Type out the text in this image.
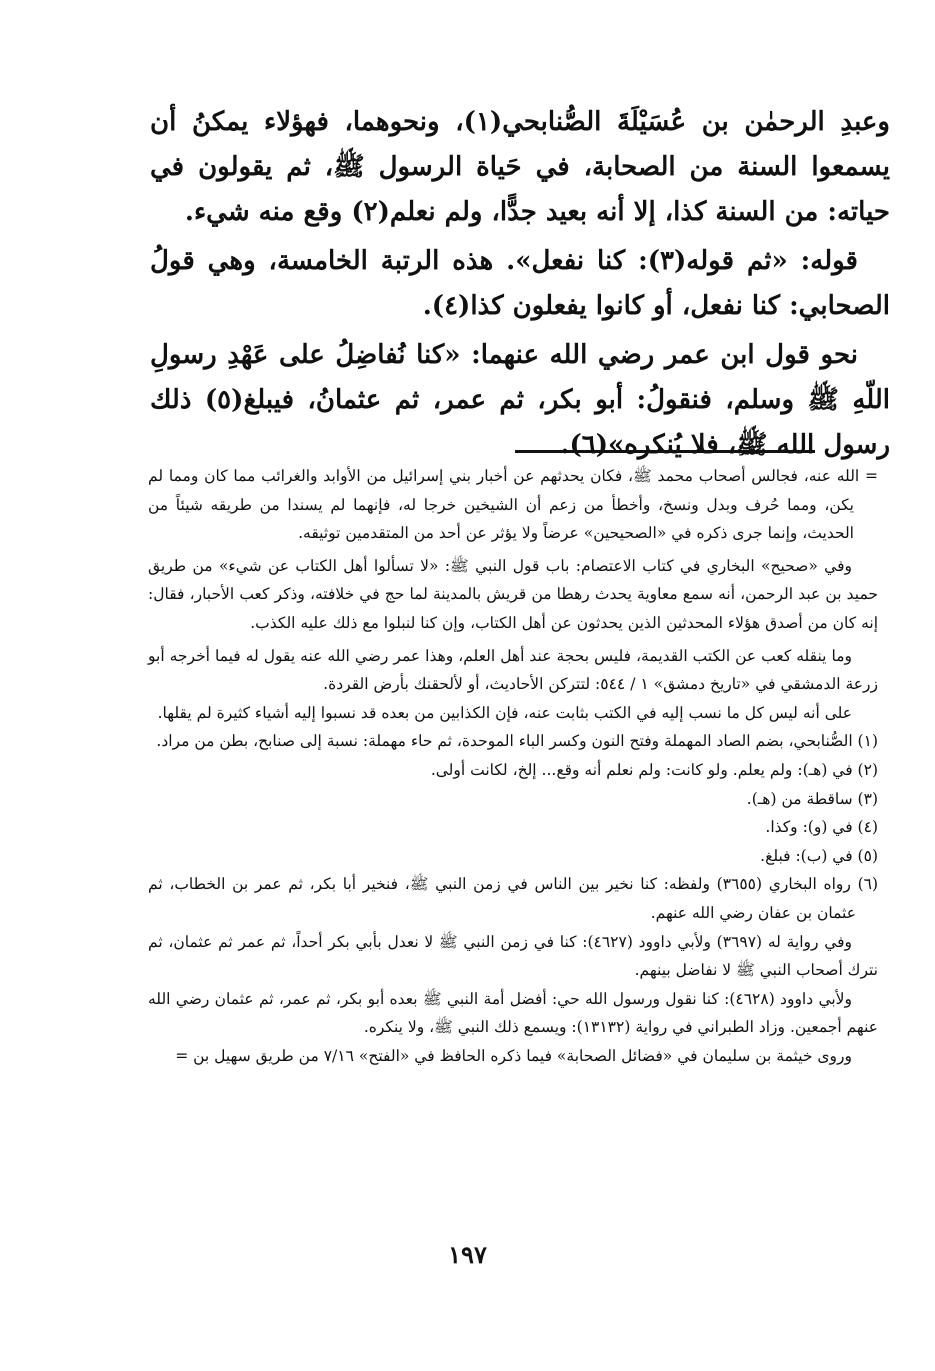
وعبدِ الرحمٰن بن عُسَيْلَةَ الصُّنابحي(١)، ونحوهما، فهؤلاء يمكنُ أن يسمعوا السنة من الصحابة، في حَياة الرسول ﷺ، ثم يقولون في حياته: من السنة كذا، إلا أنه بعيد جدًّا، ولم نعلم(٢) وقع منه شيء.

قوله: «ثم قوله(٣): كنا نفعل». هذه الرتبة الخامسة، وهي قولُ الصحابي: كنا نفعل، أو كانوا يفعلون كذا(٤).

نحو قول ابن عمر رضي الله عنهما: «كنا نُفاضِلُ على عَهْدِ رسولِ اللّهِ ﷺ وسلم، فنقولُ: أبو بكر، ثم عمر، ثم عثمانُ، فيبلغ(٥) ذلك رسول الله ﷺ، فلا يُنكره»(٦).

= الله عنه، فجالس أصحاب محمد ﷺ، فكان يحدثهم عن أخبار بني إسرائيل من الأوابد والغرائب مما كان ومما لم يكن، ومما حُرف وبدل ونسخ، وأخطأ من زعم أن الشيخين خرجا له، فإنهما لم يسندا من طريقه شيئاً من الحديث، وإنما جرى ذكره في «الصحيحين» عرضاً ولا يؤثر عن أحد من المتقدمين توثيقه.

وفي «صحيح» البخاري في كتاب الاعتصام: باب قول النبي ﷺ: «لا تسألوا أهل الكتاب عن شيء» من طريق حميد بن عبد الرحمن، أنه سمع معاوية يحدث رهطا من قريش بالمدينة لما حج في خلافته، وذكر كعب الأحبار، فقال: إنه كان من أصدق هؤلاء المحدثين الذين يحدثون عن أهل الكتاب، وإن كنا لنبلوا مع ذلك عليه الكذب.

وما ينقله كعب عن الكتب القديمة، فليس بحجة عند أهل العلم، وهذا عمر رضي الله عنه يقول له فيما أخرجه أبو زرعة الدمشقي في «تاريخ دمشق» ١ / ٥٤٤: لتتركن الأحاديث، أو لألحقنك بأرض القردة.

على أنه ليس كل ما نسب إليه في الكتب بثابت عنه، فإن الكذابين من بعده قد نسبوا إليه أشياء كثيرة لم يقلها.

(١) الصُّنابحي، بضم الصاد المهملة وفتح النون وكسر الباء الموحدة، ثم حاء مهملة: نسبة إلى صنابح، بطن من مراد.

(٢) في (هـ): ولم يعلم. ولو كانت: ولم نعلم أنه وقع... إلخ، لكانت أولى.

(٣) ساقطة من (هـ).

(٤) في (و): وكذا.

(٥) في (ب): فبلغ.

(٦) رواه البخاري (٣٦٥٥) ولفظه: كنا نخير بين الناس في زمن النبي ﷺ، فنخير أبا بكر، ثم عمر بن الخطاب، ثم عثمان بن عفان رضي الله عنهم.

وفي رواية له (٣٦٩٧) ولأبي داوود (٤٦٢٧): كنا في زمن النبي ﷺ لا نعدل بأبي بكر أحداً، ثم عمر ثم عثمان، ثم نترك أصحاب النبي ﷺ لا نفاضل بينهم.

ولأبي داوود (٤٦٢٨): كنا نقول ورسول الله حي: أفضل أمة النبي ﷺ بعده أبو بكر، ثم عمر، ثم عثمان رضي الله عنهم أجمعين. وزاد الطبراني في رواية (١٣١٣٢): ويسمع ذلك النبي ﷺ، ولا ينكره.

وروى خيثمة بن سليمان في «فضائل الصحابة» فيما ذكره الحافظ في «الفتح» ٧/١٦ من طريق سهيل بن =

١٩٧
